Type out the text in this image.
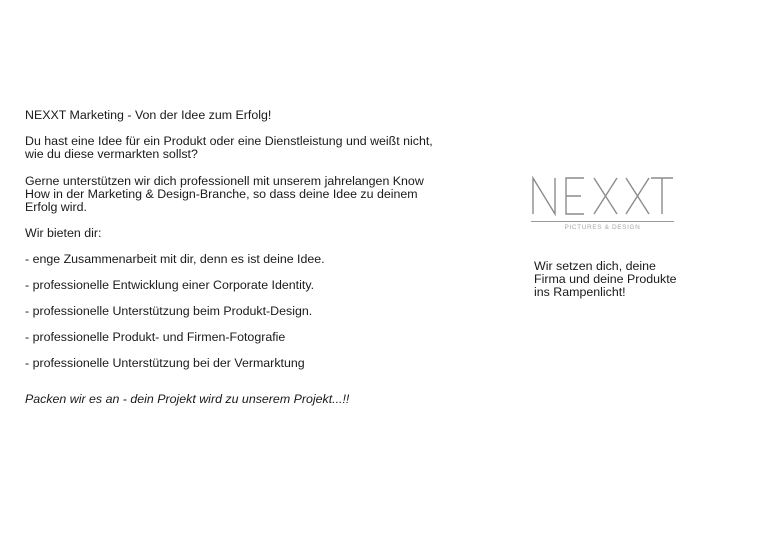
NEXXT Marketing - Von der Idee zum Erfolg!

Du hast eine Idee für ein Produkt oder eine Dienstleistung und weißt nicht,

wie du diese vermarkten sollst?

Gerne unterstützen wir dich professionell mit unserem jahrelangen Know

How in der Marketing & Design-Branche, so dass deine Idee zu deinem

Erfolg wird.

Wir bieten dir:

- enge Zusammenarbeit mit dir, denn es ist deine Idee.

- professionelle Entwicklung einer Corporate Identity.

- professionelle Unterstützung beim Produkt-Design.

- professionelle Produkt- und Firmen-Fotografie

- professionelle Unterstützung bei der Vermarktung

Packen wir es an - dein Projekt wird zu unserem Projekt...!!

PICTURES & DESIGN

Wir setzen dich, deine

Firma und deine Produkte

ins Rampenlicht!
